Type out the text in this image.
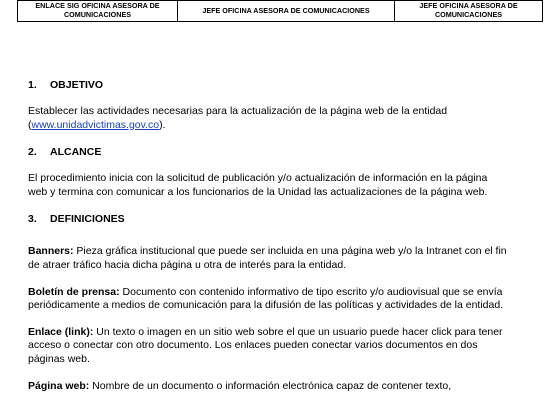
ENLACE SIG OFICINA ASESORA DE
COMUNICACIONES	JEFE OFICINA ASESORA DE COMUNICACIONES	JEFE OFICINA ASESORA DE
COMUNICACIONES
1.	OBJETIVO

Establecer las actividades necesarias para la actualización de la página web de la entidad (www.unidadvictimas.gov.co).

2.	ALCANCE

El procedimiento inicia con la solicitud de publicación y/o actualización de información en la página web y termina con comunicar a los funcionarios de la Unidad las actualizaciones de la página web.

3.	DEFINICIONES

Banners: Pieza gráfica institucional que puede ser incluida en una página web y/o la Intranet con el fin de atraer tráfico hacia dicha página u otra de interés para la entidad.

Boletín de prensa: Documento con contenido informativo de tipo escrito y/o audiovisual que se envía periódicamente a medios de comunicación para la difusión de las políticas y actividades de la entidad.

Enlace (link): Un texto o imagen en un sitio web sobre el que un usuario puede hacer click para tener acceso o conectar con otro documento. Los enlaces pueden conectar varios documentos en dos páginas web.

Página web: Nombre de un documento o información electrónica capaz de contener texto,
